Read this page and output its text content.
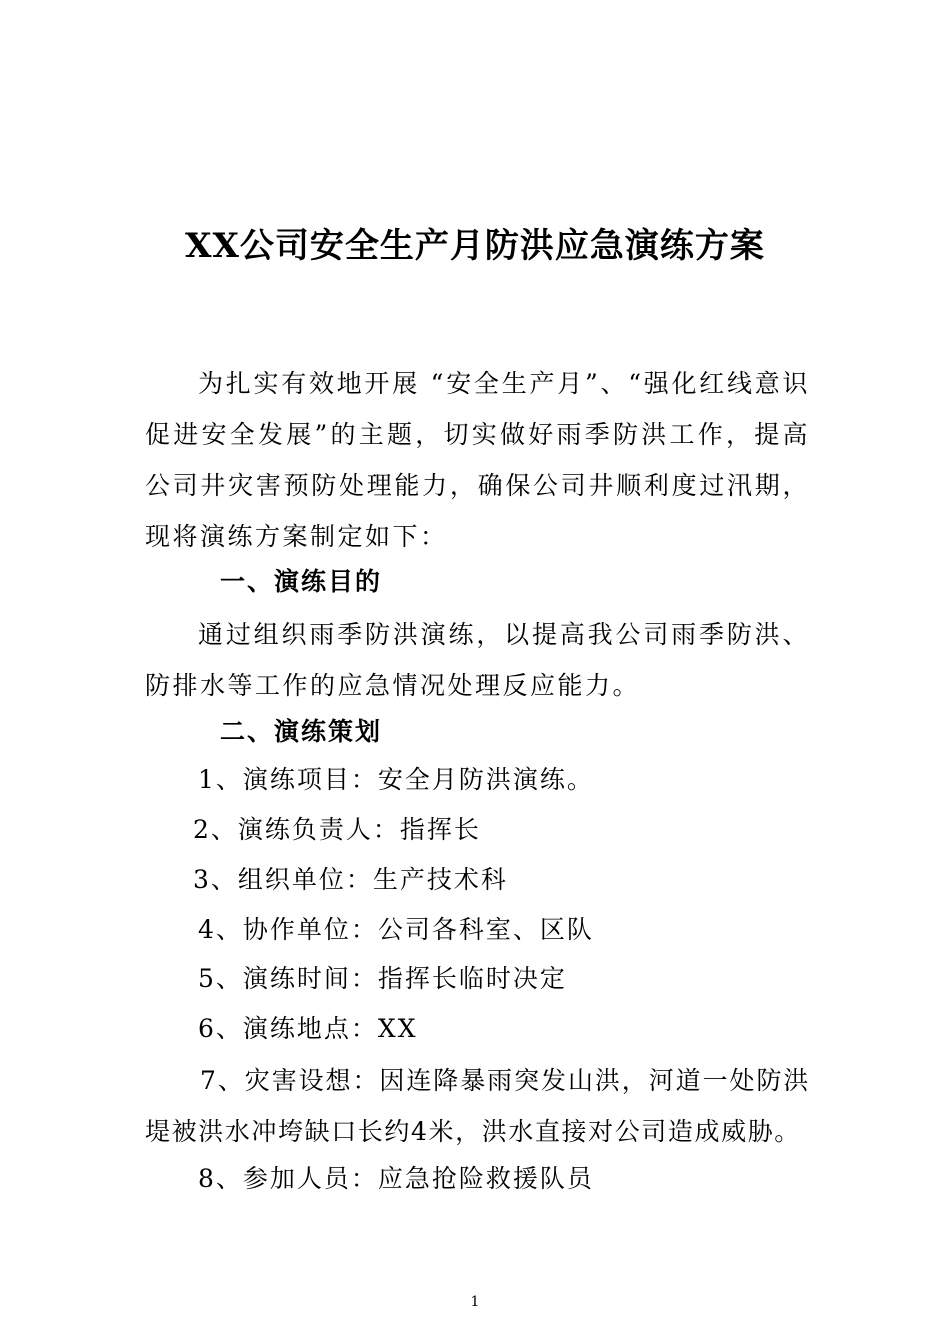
XX公司安全生产月防洪应急演练方案
为扎实有效地开展 “安全生产月”、“强化红线意识促进安全发展”的主题，切实做好雨季防洪工作，提高公司井灾害预防处理能力，确保公司井顺利度过汛期，现将演练方案制定如下：
一、演练目的
通过组织雨季防洪演练，以提高我公司雨季防洪、防排水等工作的应急情况处理反应能力。
二、演练策划
1、演练项目：安全月防洪演练。
2、演练负责人：指挥长
3、组织单位：生产技术科
4、协作单位：公司各科室、区队
5、演练时间：指挥长临时决定
6、演练地点：XX
7、灾害设想：因连降暴雨突发山洪，河道一处防洪堤被洪水冲垮缺口长约4米，洪水直接对公司造成威胁。
8、参加人员：应急抢险救援队员
1
